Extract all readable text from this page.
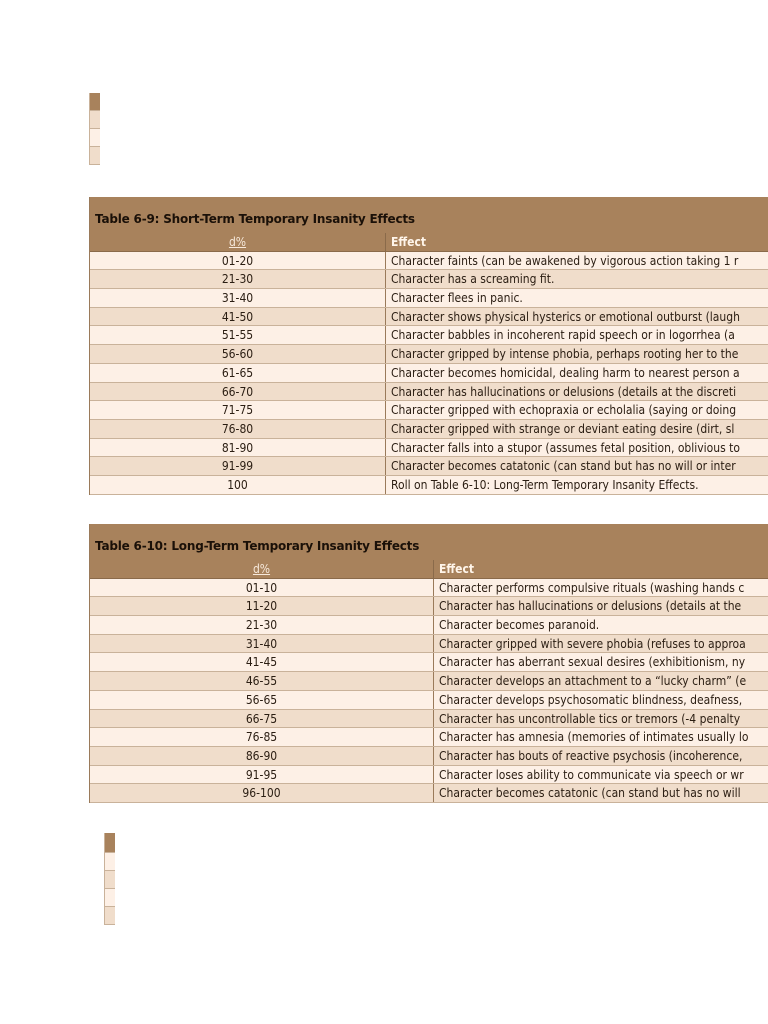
Table 6-9: Short-Term Temporary Insanity Effects
d%	Effect
01-20	Character faints (can be awakened by vigorous action taking 1 r
21-30	Character has a screaming fit.
31-40	Character flees in panic.
41-50	Character shows physical hysterics or emotional outburst (laugh
51-55	Character babbles in incoherent rapid speech or in logorrhea (a
56-60	Character gripped by intense phobia, perhaps rooting her to the
61-65	Character becomes homicidal, dealing harm to nearest person a
66-70	Character has hallucinations or delusions (details at the discreti
71-75	Character gripped with echopraxia or echolalia (saying or doing
76-80	Character gripped with strange or deviant eating desire (dirt, sl
81-90	Character falls into a stupor (assumes fetal position, oblivious to
91-99	Character becomes catatonic (can stand but has no will or inter
100	Roll on Table 6-10: Long-Term Temporary Insanity Effects.
Table 6-10: Long-Term Temporary Insanity Effects
d%	Effect
01-10	Character performs compulsive rituals (washing hands c
11-20	Character has hallucinations or delusions (details at the
21-30	Character becomes paranoid.
31-40	Character gripped with severe phobia (refuses to approa
41-45	Character has aberrant sexual desires (exhibitionism, ny
46-55	Character develops an attachment to a “lucky charm” (e
56-65	Character develops psychosomatic blindness, deafness,
66-75	Character has uncontrollable tics or tremors (-4 penalty
76-85	Character has amnesia (memories of intimates usually lo
86-90	Character has bouts of reactive psychosis (incoherence,
91-95	Character loses ability to communicate via speech or wr
96-100	Character becomes catatonic (can stand but has no will
